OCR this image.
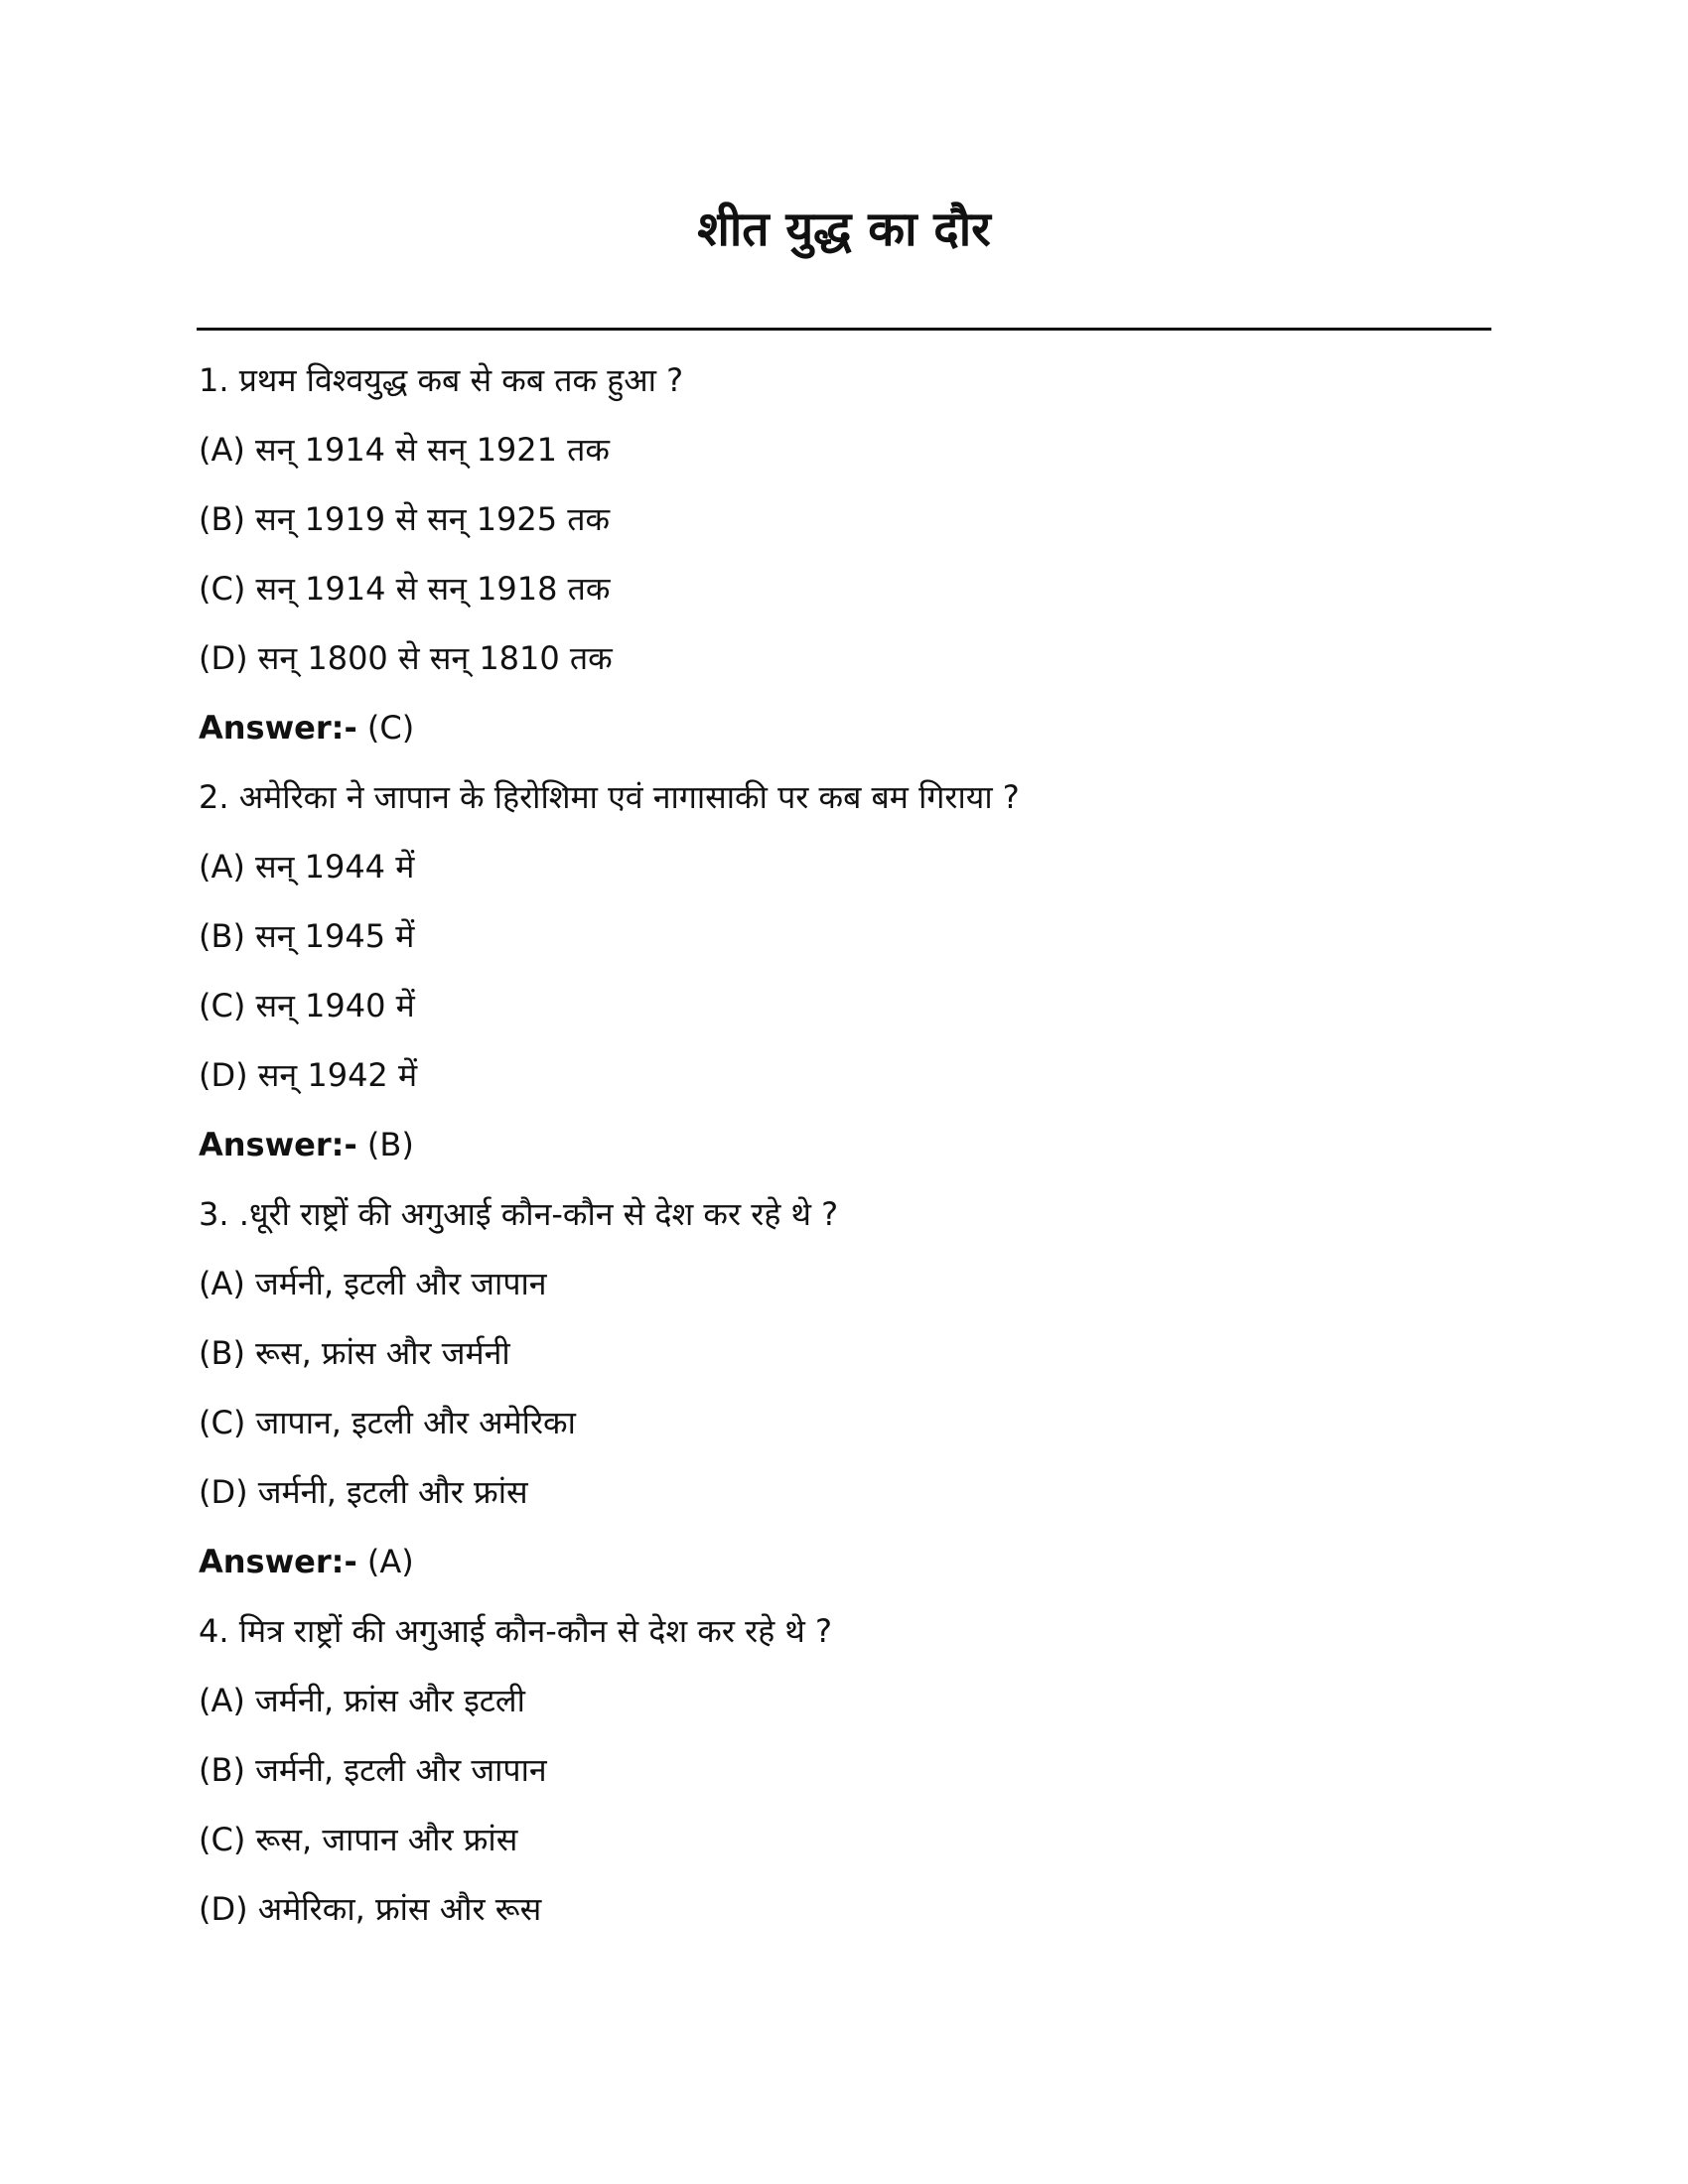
शीत युद्ध का दौर
1. प्रथम विश्वयुद्ध कब से कब तक हुआ ?
(A) सन् 1914 से सन् 1921 तक
(B) सन् 1919 से सन् 1925 तक
(C) सन् 1914 से सन् 1918 तक
(D) सन् 1800 से सन् 1810 तक
Answer:- (C)
2. अमेरिका ने जापान के हिरोशिमा एवं नागासाकी पर कब बम गिराया ?
(A) सन् 1944 में
(B) सन् 1945 में
(C) सन् 1940 में
(D) सन् 1942 में
Answer:- (B)
3. .धूरी राष्ट्रों की अगुआई कौन-कौन से देश कर रहे थे ?
(A) जर्मनी, इटली और जापान
(B) रूस, फ्रांस और जर्मनी
(C) जापान, इटली और अमेरिका
(D) जर्मनी, इटली और फ्रांस
Answer:- (A)
4. मित्र राष्ट्रों की अगुआई कौन-कौन से देश कर रहे थे ?
(A) जर्मनी, फ्रांस और इटली
(B) जर्मनी, इटली और जापान
(C) रूस, जापान और फ्रांस
(D) अमेरिका, फ्रांस और रूस
